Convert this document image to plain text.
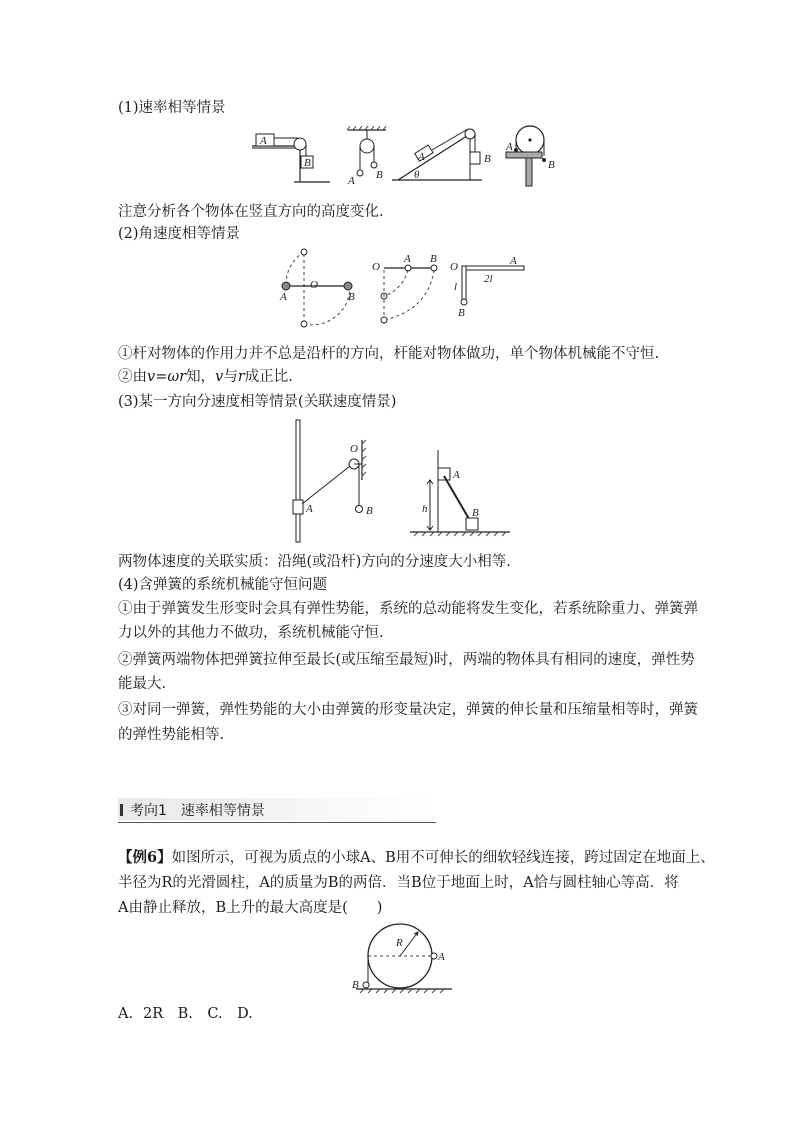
(1)速率相等情景
A
B
A B
A	B
θ
A
B
注意分析各个物体在竖直方向的高度变化.
(2)角速度相等情景
A
O
B
O
A B
O	A
2l
l
B
①杆对物体的作用力并不总是沿杆的方向，杆能对物体做功，单个物体机械能不守恒.
②由v=ωr知，v与r成正比.
(3)某一方向分速度相等情景(关联速度情景)
A
O
B
A
B
h
两物体速度的关联实质：沿绳(或沿杆)方向的分速度大小相等.
(4)含弹簧的系统机械能守恒问题
①由于弹簧发生形变时会具有弹性势能，系统的总动能将发生变化，若系统除重力、弹簧弹
力以外的其他力不做功，系统机械能守恒.
②弹簧两端物体把弹簧拉伸至最长(或压缩至最短)时，两端的物体具有相同的速度，弹性势
能最大.
③对同一弹簧，弹性势能的大小由弹簧的形变量决定，弹簧的伸长量和压缩量相等时，弹簧
的弹性势能相等.
考向1　速率相等情景
【例6】如图所示，可视为质点的小球A、B用不可伸长的细软轻线连接，跨过固定在地面上、
半径为R的光滑圆柱，A的质量为B的两倍．当B位于地面上时，A恰与圆柱轴心等高．将
A由静止释放，B上升的最大高度是(　　)
R
A
B
A．2R　B.　C.　D.
